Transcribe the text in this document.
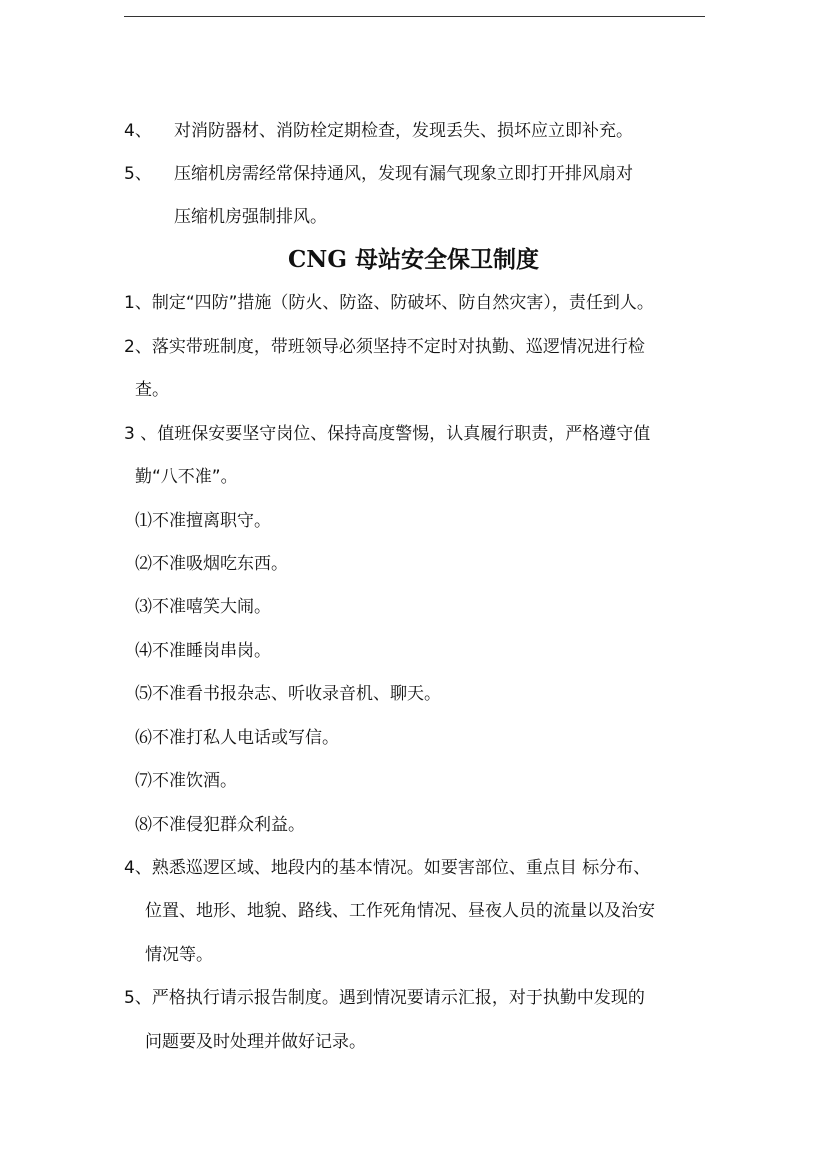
4、 对消防器材、消防栓定期检查，发现丢失、损坏应立即补充。
5、 压缩机房需经常保持通风，发现有漏气现象立即打开排风扇对
压缩机房强制排风。
CNG 母站安全保卫制度
1、制定“四防”措施（防火、防盗、防破坏、防自然灾害），责任到人。
2、落实带班制度，带班领导必须坚持不定时对执勤、巡逻情况进行检
查。
3 、值班保安要坚守岗位、保持高度警惕，认真履行职责，严格遵守值
勤“八不准”。
⑴不准擅离职守。
⑵不准吸烟吃东西。
⑶不准嘻笑大闹。
⑷不准睡岗串岗。
⑸不准看书报杂志、听收录音机、聊天。
⑹不准打私人电话或写信。
⑺不准饮酒。
⑻不准侵犯群众利益。
4、熟悉巡逻区域、地段内的基本情况。如要害部位、重点目 标分布、
位置、地形、地貌、路线、工作死角情况、昼夜人员的流量以及治安
情况等。
5、严格执行请示报告制度。遇到情况要请示汇报，对于执勤中发现的
问题要及时处理并做好记录。
